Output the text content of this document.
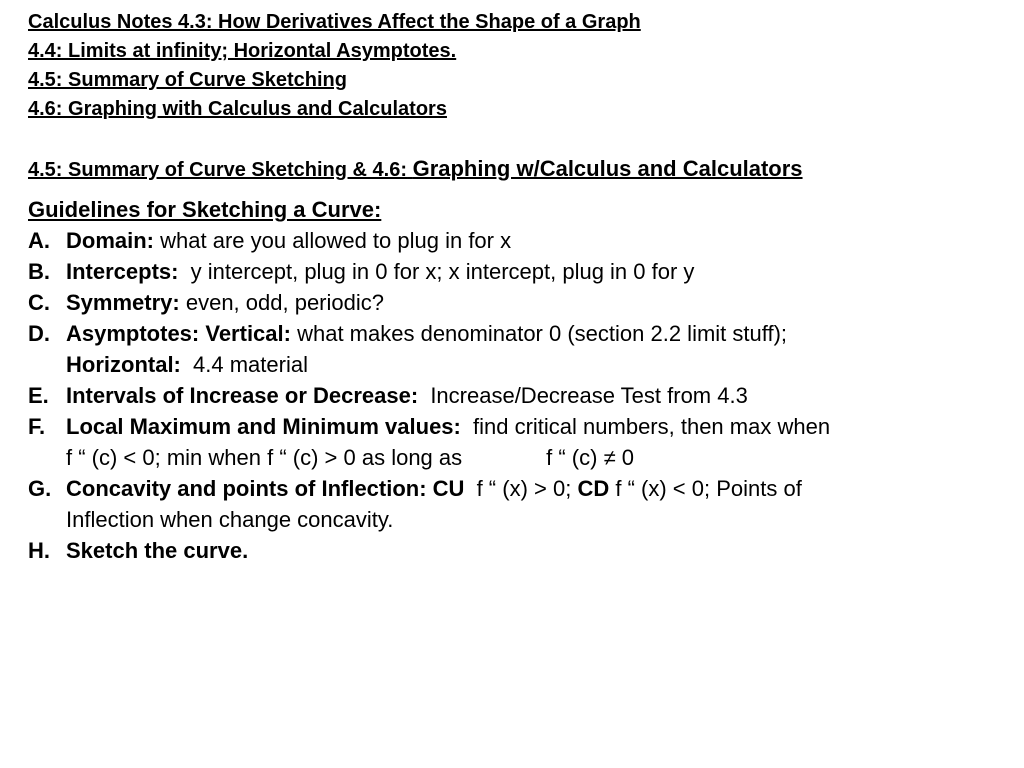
Calculus Notes 4.3: How Derivatives Affect the Shape of a Graph
4.4: Limits at infinity; Horizontal Asymptotes.
4.5: Summary of Curve Sketching
4.6: Graphing with Calculus and Calculators
4.5: Summary of Curve Sketching & 4.6: Graphing w/Calculus and Calculators
Guidelines for Sketching a Curve:
A. Domain: what are you allowed to plug in for x
B. Intercepts: y intercept, plug in 0 for x; x intercept, plug in 0 for y
C. Symmetry: even, odd, periodic?
D. Asymptotes: Vertical: what makes denominator 0 (section 2.2 limit stuff);
Horizontal: 4.4 material
E. Intervals of Increase or Decrease: Increase/Decrease Test from 4.3
F. Local Maximum and Minimum values: find critical numbers, then max when
f “ (c) < 0; min when f “ (c) > 0 as long as	f “ (c) ≠ 0
G. Concavity and points of Inflection: CU f “ (x) > 0; CD f “ (x) < 0; Points of
Inflection when change concavity.
H. Sketch the curve.
